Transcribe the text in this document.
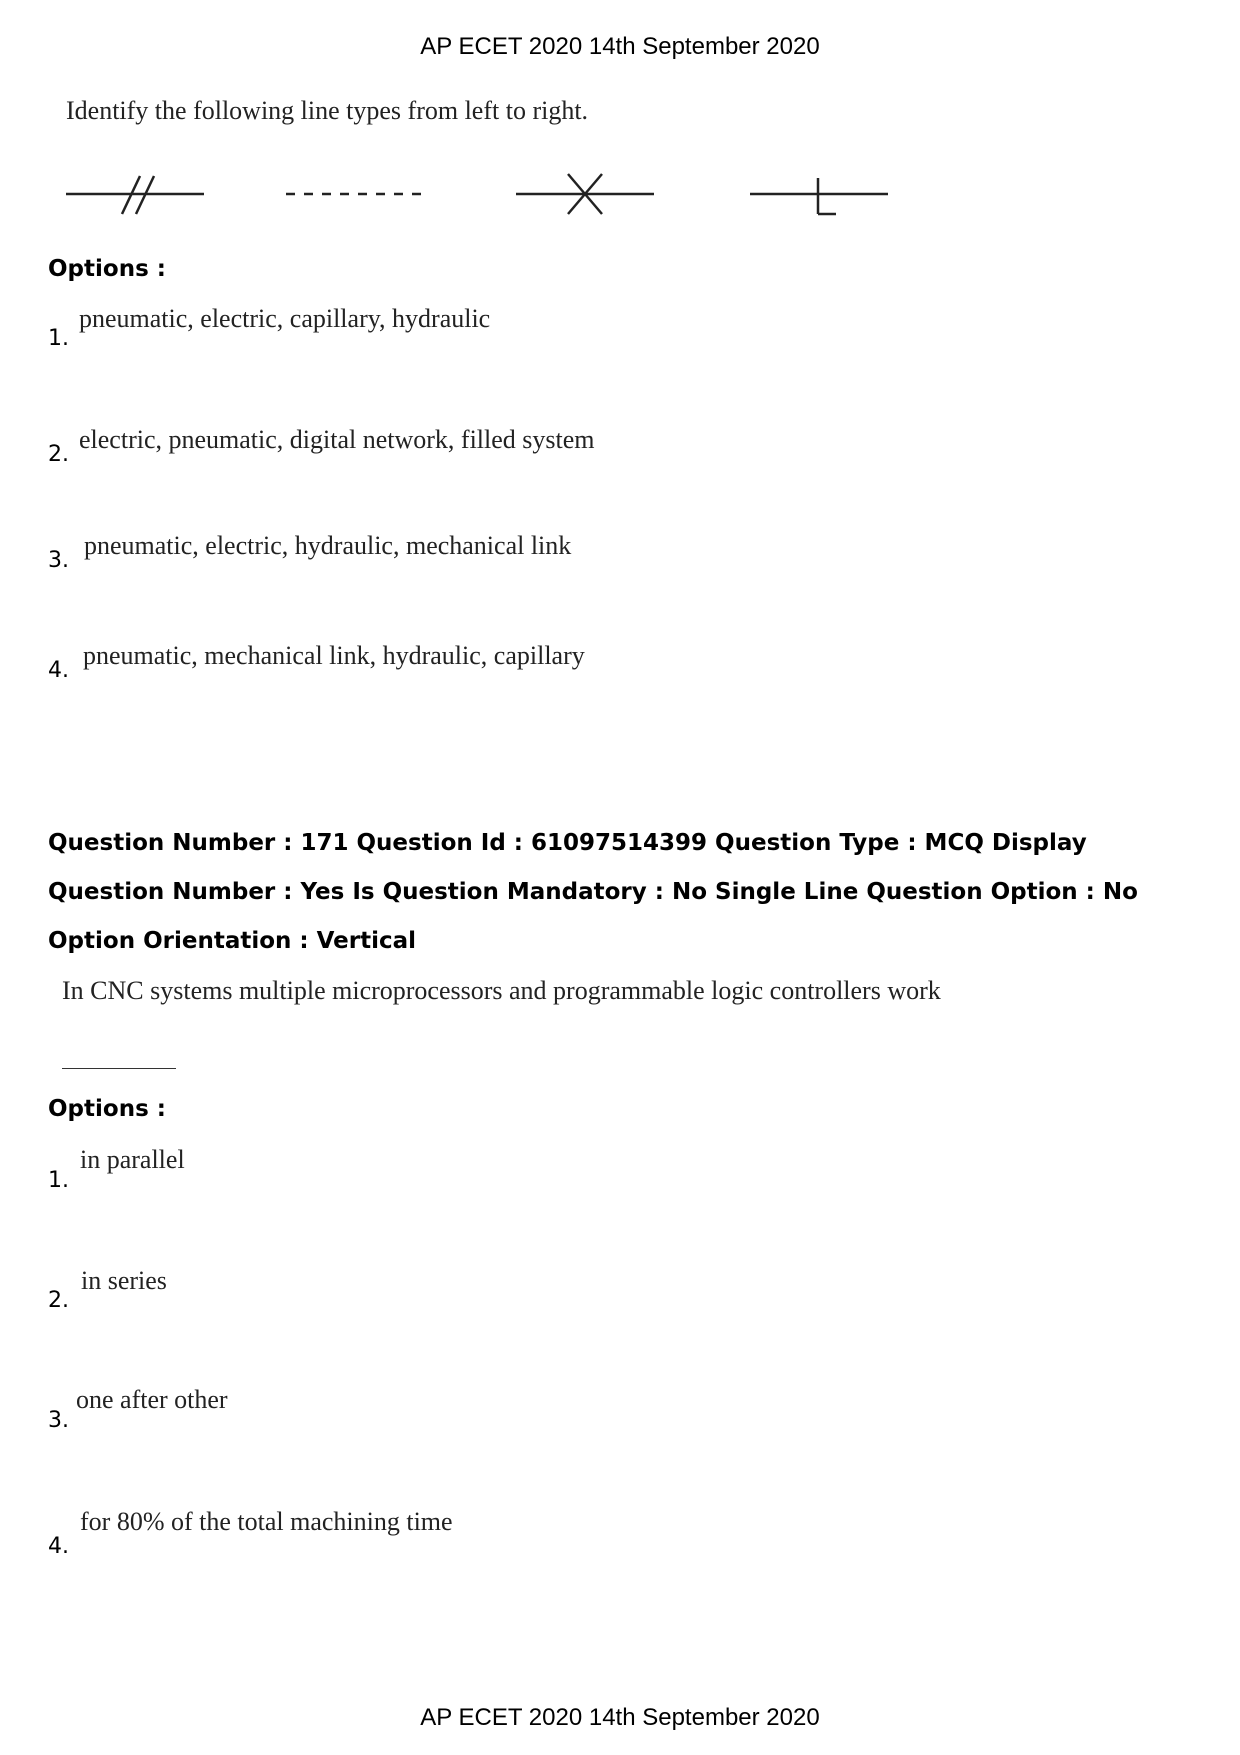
AP ECET 2020 14th September 2020
Identify the following line types from left to right.
Options :
1.
pneumatic, electric, capillary, hydraulic
2.
electric, pneumatic, digital network, filled system
3.
pneumatic, electric, hydraulic, mechanical link
4.
pneumatic, mechanical link, hydraulic, capillary
Question Number : 171 Question Id : 61097514399 Question Type : MCQ Display Question Number : Yes Is Question Mandatory : No Single Line Question Option : No Option Orientation : Vertical
In CNC systems multiple microprocessors and programmable logic controllers work
Options :
1.
in parallel
2.
in series
3.
one after other
4.
for 80% of the total machining time
AP ECET 2020 14th September 2020
